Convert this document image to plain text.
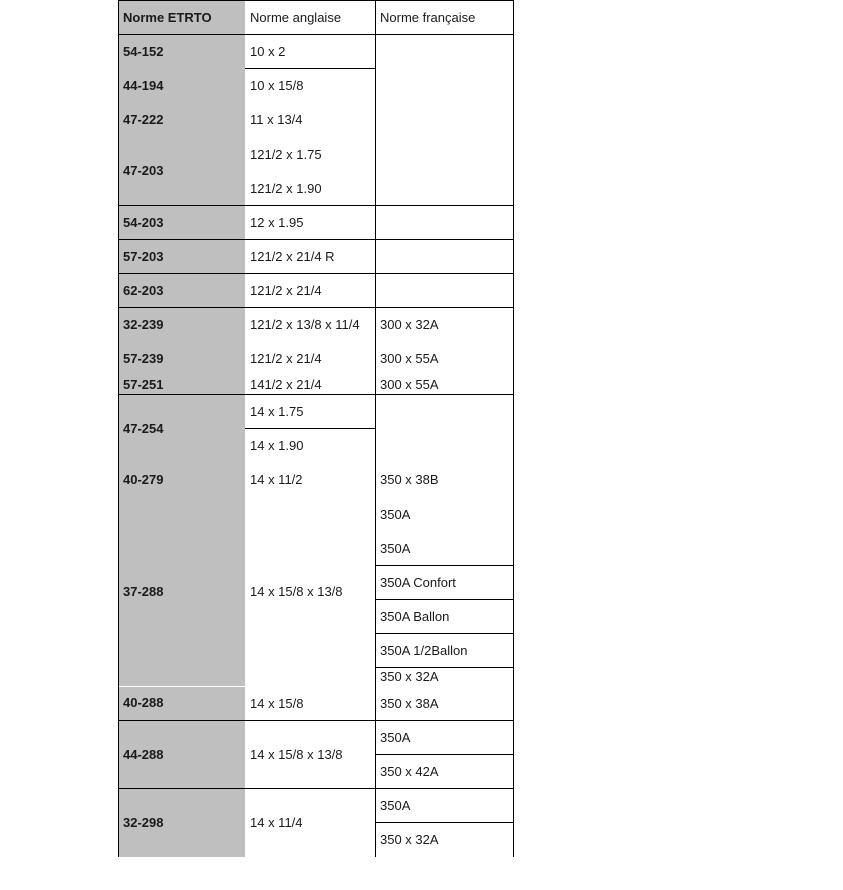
Norme ETRTO	Norme anglaise	Norme française
54-152
44-194
47-222
47-203
54-203
57-203
62-203
32-239
57-239
57-251
47-254
40-279
37-288
40-288
44-288
32-298
10 x 2
10 x 15/8
11 x 13/4
121/2 x 1.75
121/2 x 1.90
12 x 1.95
121/2 x 21/4 R
121/2 x 21/4
121/2 x 13/8 x 11/4
121/2 x 21/4
141/2 x 21/4
14 x 1.75
14 x 1.90
14 x 11/2
14 x 15/8 x 13/8
14 x 15/8
14 x 15/8 x 13/8
14 x 11/4
300 x 32A
300 x 55A
300 x 55A
350 x 38B
350A
350A
350A Confort
350A Ballon
350A 1/2Ballon
350 x 32A
350 x 38A
350A
350 x 42A
350A
350 x 32A
